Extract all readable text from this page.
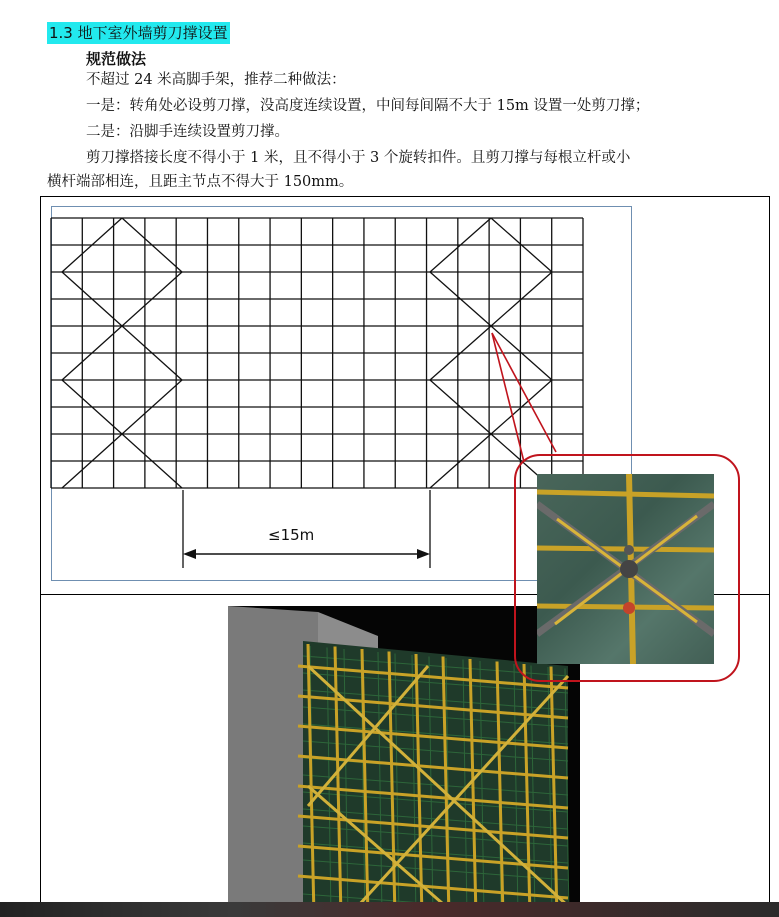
1.3 地下室外墙剪刀撑设置
规范做法
不超过 24 米高脚手架，推荐二种做法：
一是：转角处必设剪刀撑，没高度连续设置，中间每间隔不大于 15m 设置一处剪刀撑；
二是：沿脚手连续设置剪刀撑。
剪刀撑搭接长度不得小于 1 米，且不得小于 3 个旋转扣件。且剪刀撑与每根立杆或小
横杆端部相连，且距主节点不得大于 150mm。
≤15m
